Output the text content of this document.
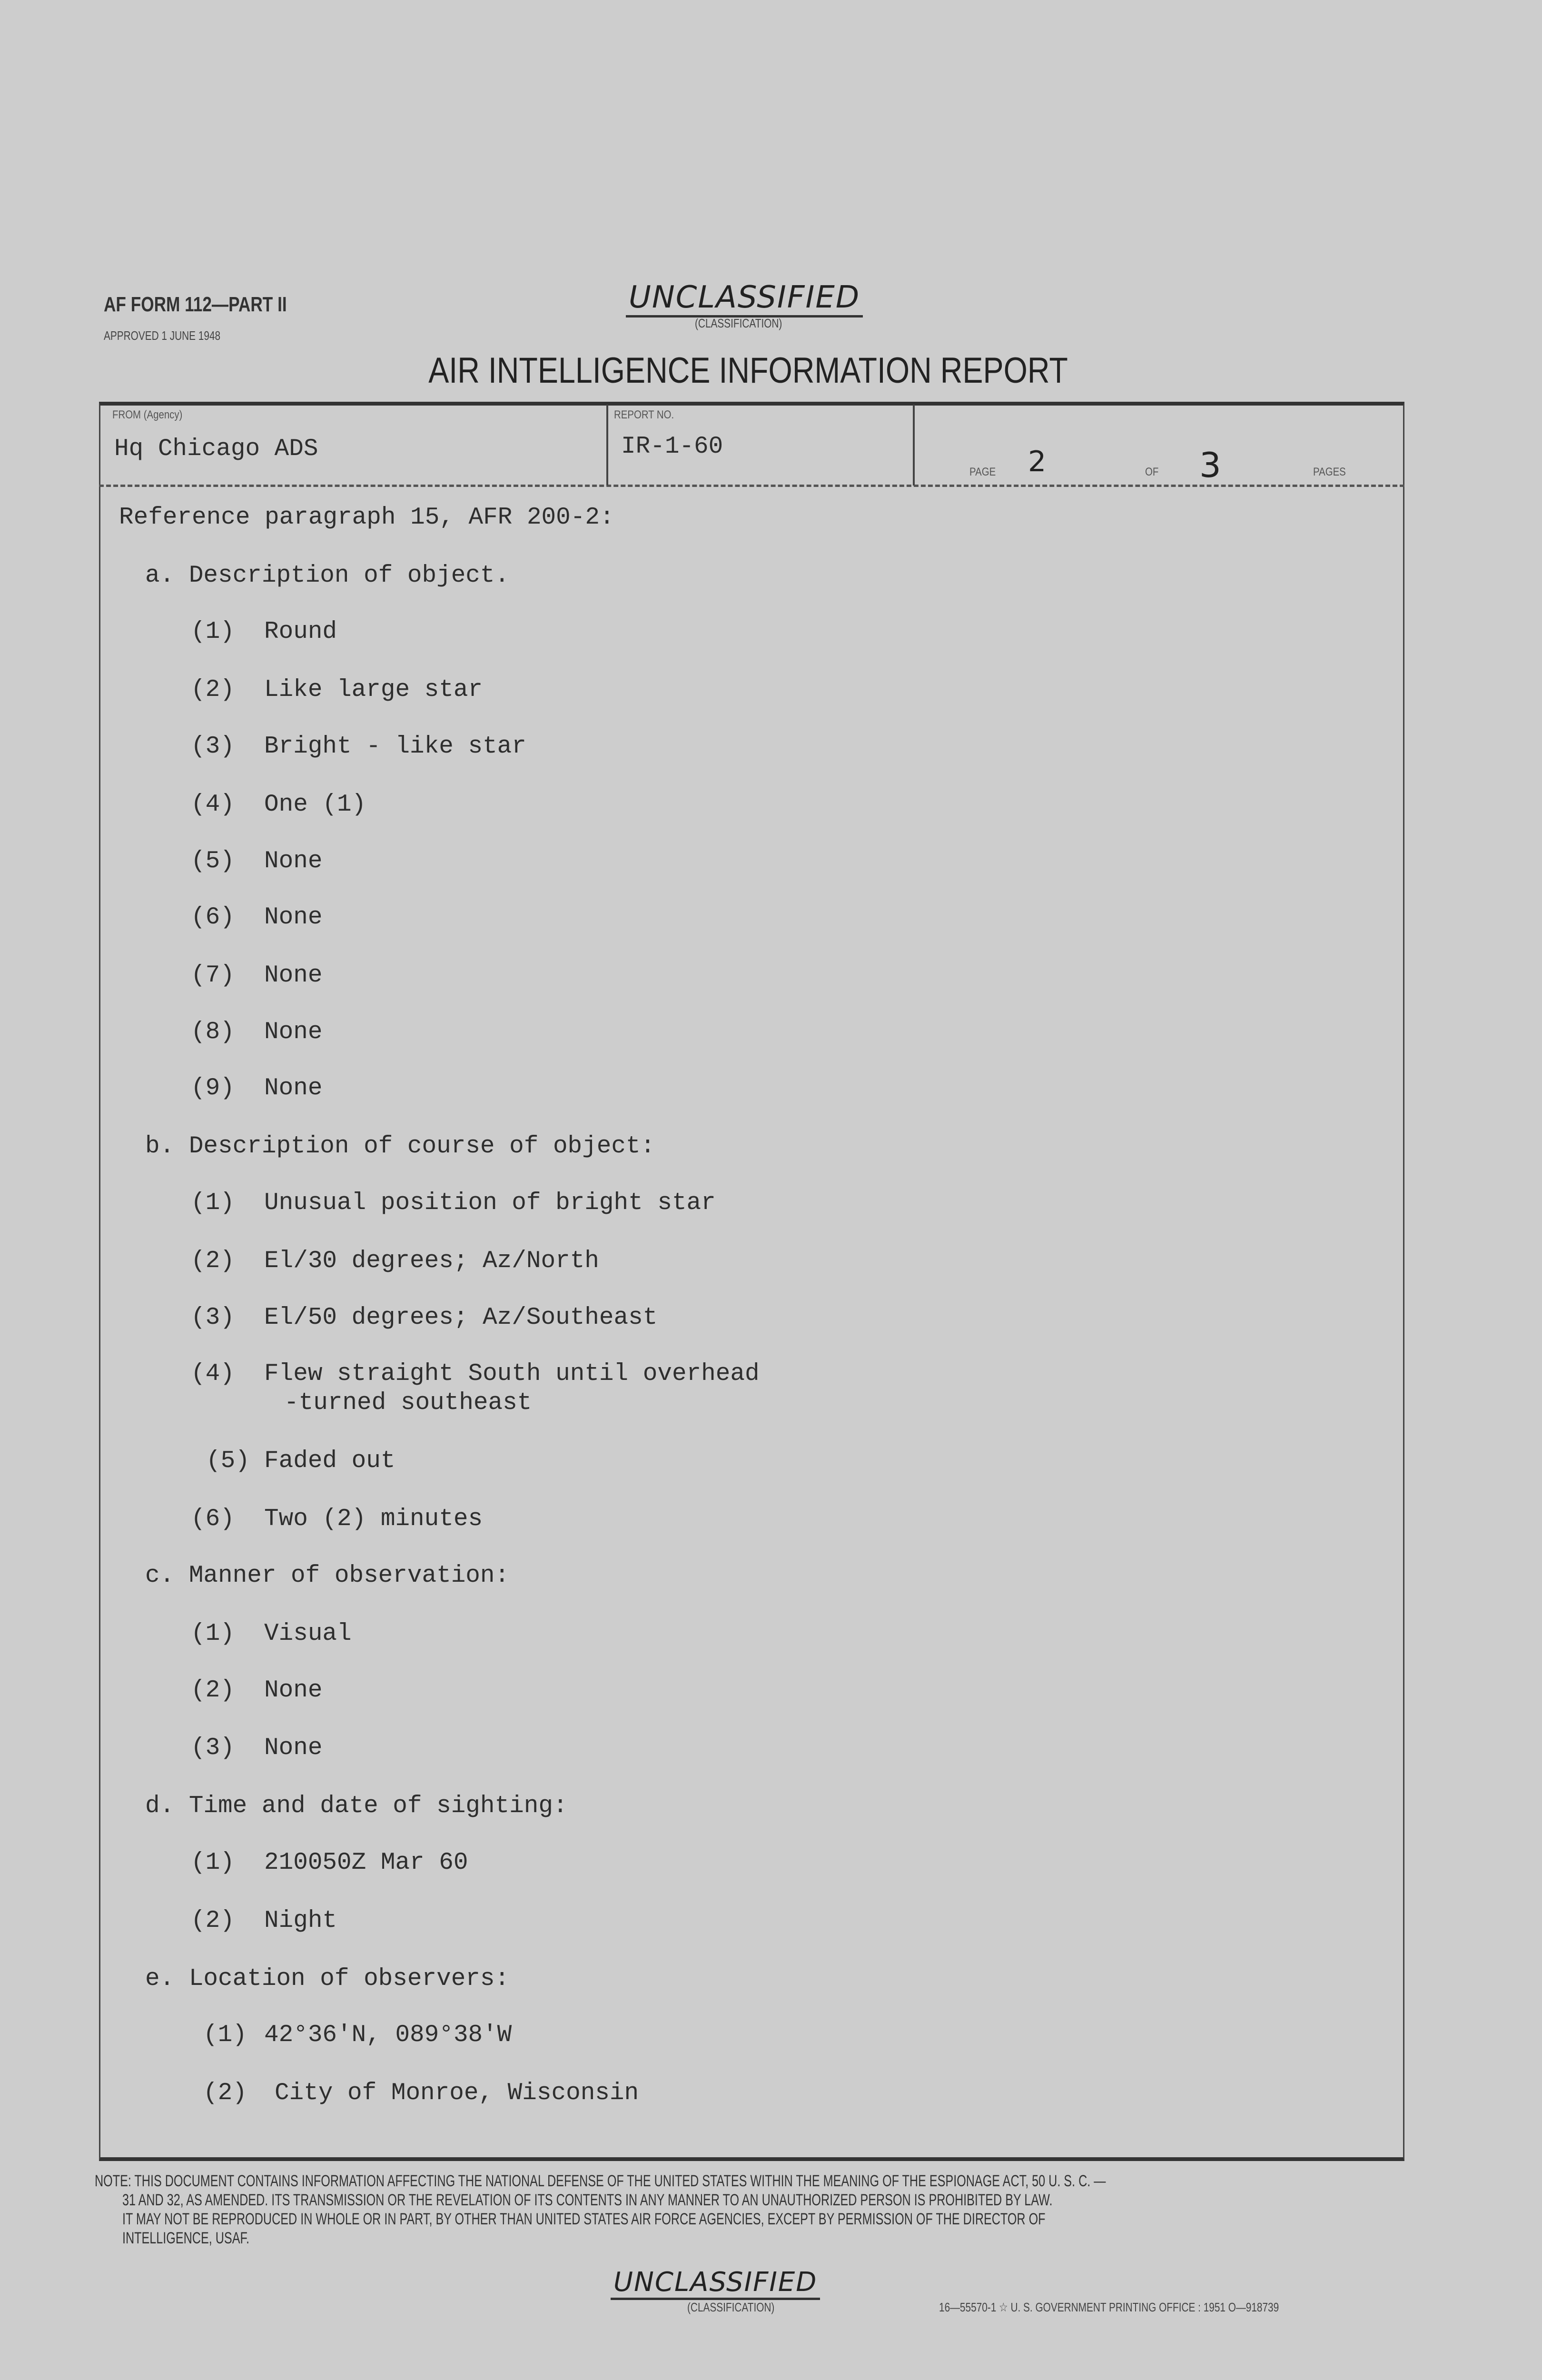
AF FORM 112—PART II
APPROVED 1 JUNE 1948
UNCLASSIFIED
(CLASSIFICATION)
AIR INTELLIGENCE INFORMATION REPORT
FROM (Agency)
Hq Chicago ADS
REPORT NO.
IR-1-60
PAGE 2	OF 3	PAGES
Reference paragraph 15, AFR 200-2:
a. Description of object.
(1) Round
(2) Like large star
(3) Bright - like star
(4) One (1)
(5) None
(6) None
(7) None
(8) None
(9) None
b. Description of course of object:
(1) Unusual position of bright star
(2) El/30 degrees; Az/North
(3) El/50 degrees; Az/Southeast
(4) Flew straight South until overhead
-turned southeast
(5) Faded out
(6) Two (2) minutes
c. Manner of observation:
(1) Visual
(2) None
(3) None
d. Time and date of sighting:
(1) 210050Z Mar 60
(2) Night
e. Location of observers:
(1) 42°36'N, 089°38'W
(2) City of Monroe, Wisconsin
NOTE: THIS DOCUMENT CONTAINS INFORMATION AFFECTING THE NATIONAL DEFENSE OF THE UNITED STATES WITHIN THE MEANING OF THE ESPIONAGE ACT, 50 U. S. C. —
31 AND 32, AS AMENDED. ITS TRANSMISSION OR THE REVELATION OF ITS CONTENTS IN ANY MANNER TO AN UNAUTHORIZED PERSON IS PROHIBITED BY LAW.
IT MAY NOT BE REPRODUCED IN WHOLE OR IN PART, BY OTHER THAN UNITED STATES AIR FORCE AGENCIES, EXCEPT BY PERMISSION OF THE DIRECTOR OF
INTELLIGENCE, USAF.
UNCLASSIFIED
(CLASSIFICATION)	16—55570-1 ☆ U. S. GOVERNMENT PRINTING OFFICE : 1951 O—918739
